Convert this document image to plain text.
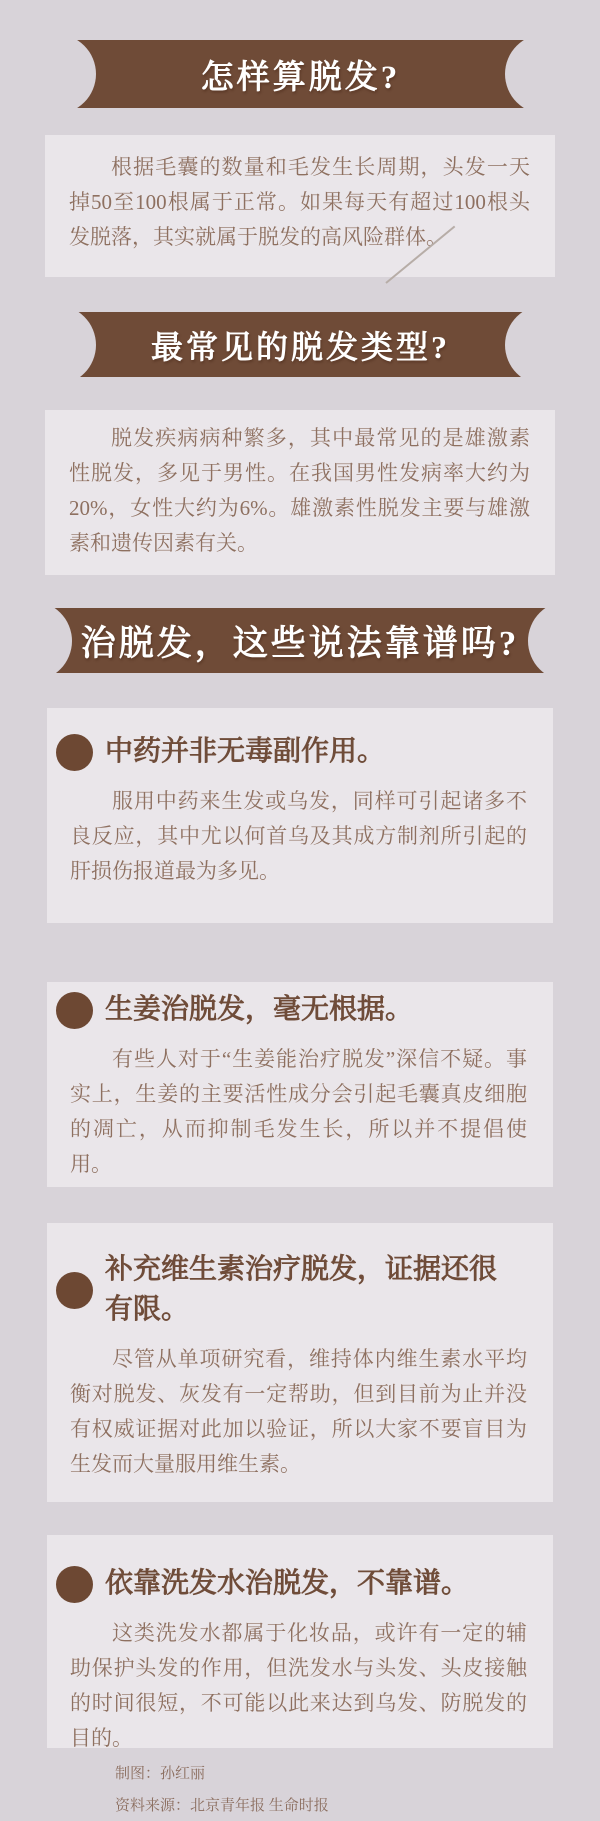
怎样算脱发?

根据毛囊的数量和毛发生长周期，头发一天掉50至100根属于正常。如果每天有超过100根头发脱落，其实就属于脱发的高风险群体。

最常见的脱发类型?

脱发疾病病种繁多，其中最常见的是雄激素性脱发，多见于男性。在我国男性发病率大约为20%，女性大约为6%。雄激素性脱发主要与雄激素和遗传因素有关。

治脱发，这些说法靠谱吗?
中药并非无毒副作用。

服用中药来生发或乌发，同样可引起诸多不良反应，其中尤以何首乌及其成方制剂所引起的肝损伤报道最为多见。

生姜治脱发，毫无根据。

有些人对于“生姜能治疗脱发”深信不疑。事实上，生姜的主要活性成分会引起毛囊真皮细胞的凋亡，从而抑制毛发生长，所以并不提倡使用。

补充维生素治疗脱发，证据还很有限。

尽管从单项研究看，维持体内维生素水平均衡对脱发、灰发有一定帮助，但到目前为止并没有权威证据对此加以验证，所以大家不要盲目为生发而大量服用维生素。

依靠洗发水治脱发，不靠谱。

这类洗发水都属于化妆品，或许有一定的辅助保护头发的作用，但洗发水与头发、头皮接触的时间很短，不可能以此来达到乌发、防脱发的目的。

制图：孙红丽
资料来源：北京青年报 生命时报
